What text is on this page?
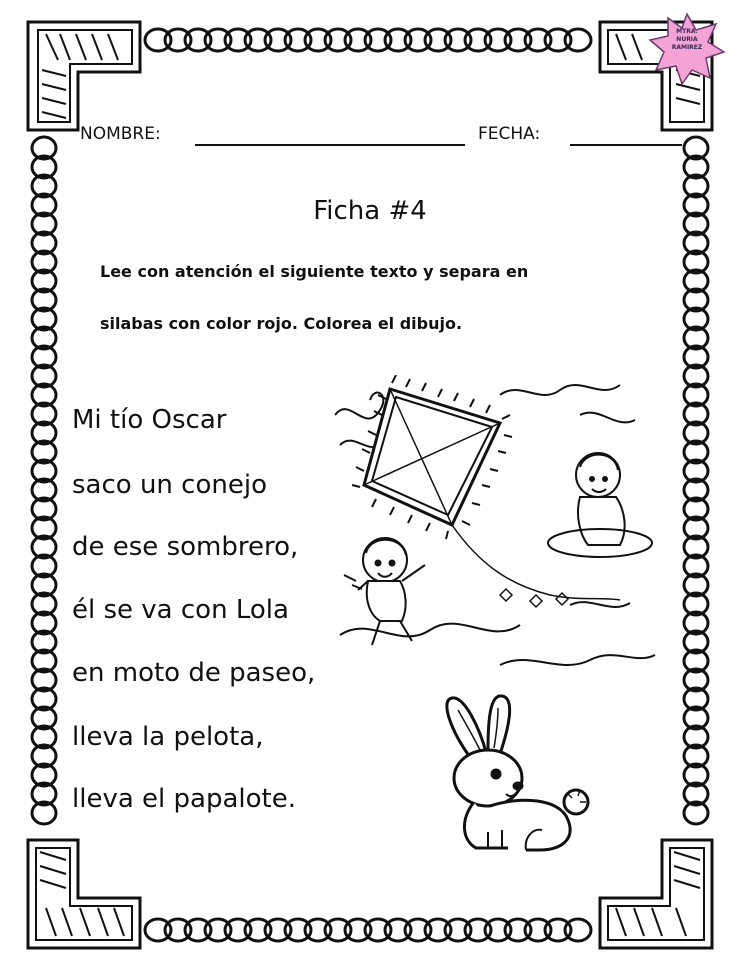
MTRA.
NURIA
RAMIREZ
NOMBRE:	FECHA:
Ficha #4
Lee con atención el siguiente texto y separa en
silabas con color rojo. Colorea el dibujo.
Mi tío Oscar
saco un conejo
de ese sombrero,
él se va con Lola
en moto de paseo,
lleva la pelota,
lleva el papalote.
